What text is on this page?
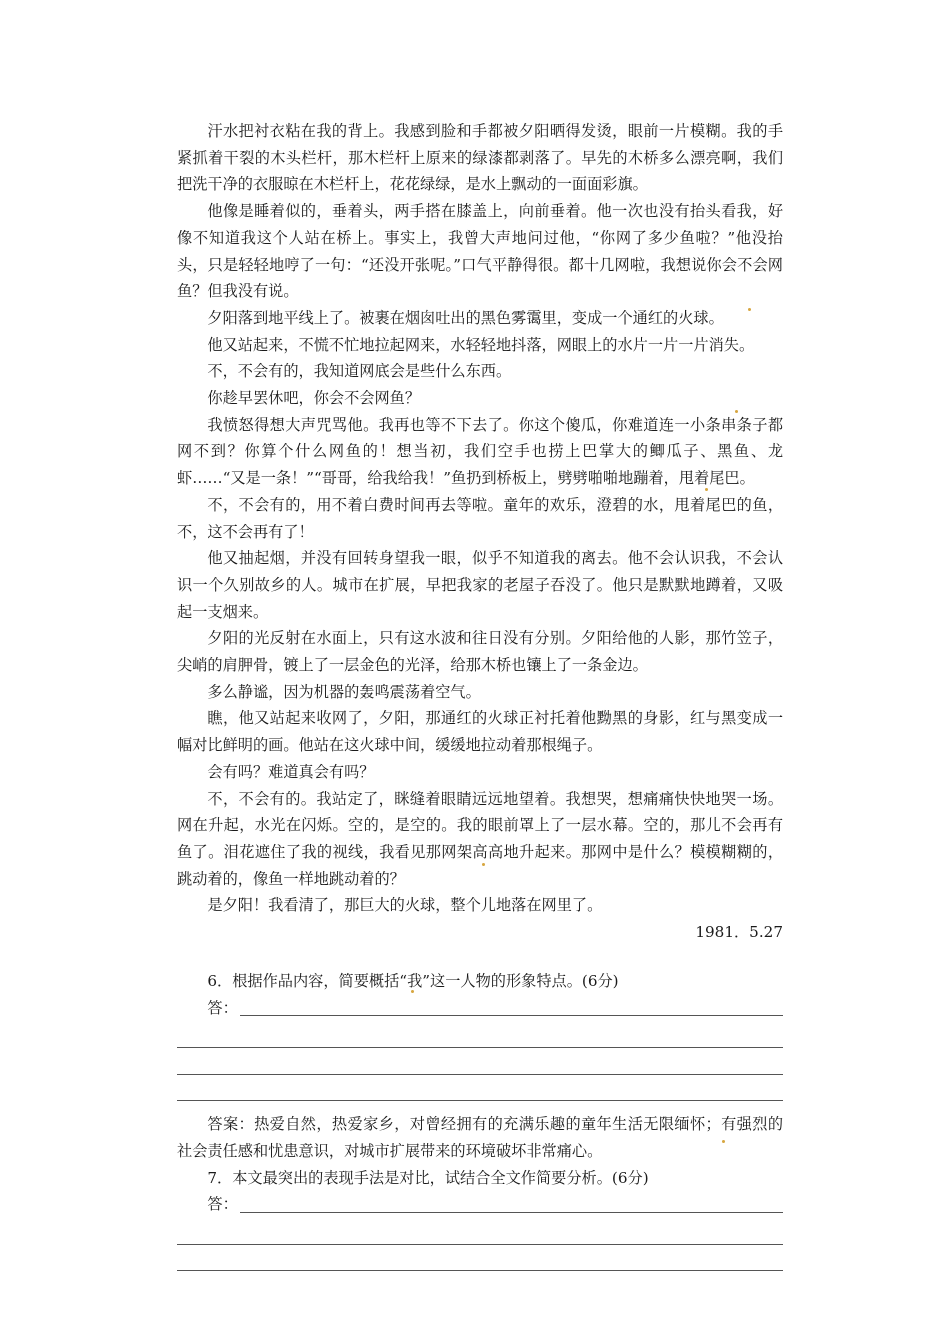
汗水把衬衣粘在我的背上。我感到脸和手都被夕阳晒得发烫，眼前一片模糊。我的手紧抓着干裂的木头栏杆，那木栏杆上原来的绿漆都剥落了。早先的木桥多么漂亮啊，我们把洗干净的衣服晾在木栏杆上，花花绿绿，是水上飘动的一面面彩旗。

他像是睡着似的，垂着头，两手搭在膝盖上，向前垂着。他一次也没有抬头看我，好像不知道我这个人站在桥上。事实上，我曾大声地问过他，“你网了多少鱼啦？”他没抬头，只是轻轻地哼了一句：“还没开张呢。”口气平静得很。都十几网啦，我想说你会不会网鱼？但我没有说。

夕阳落到地平线上了。被裹在烟囱吐出的黑色雾霭里，变成一个通红的火球。

他又站起来，不慌不忙地拉起网来，水轻轻地抖落，网眼上的水片一片一片消失。

不，不会有的，我知道网底会是些什么东西。

你趁早罢休吧，你会不会网鱼？

我愤怒得想大声咒骂他。我再也等不下去了。你这个傻瓜，你难道连一小条串条子都网不到？你算个什么网鱼的！想当初，我们空手也捞上巴掌大的鲫瓜子、黑鱼、龙虾……“又是一条！”“哥哥，给我给我！”鱼扔到桥板上，劈劈啪啪地蹦着，甩着尾巴。

不，不会有的，用不着白费时间再去等啦。童年的欢乐，澄碧的水，甩着尾巴的鱼，不，这不会再有了！

他又抽起烟，并没有回转身望我一眼，似乎不知道我的离去。他不会认识我，不会认识一个久别故乡的人。城市在扩展，早把我家的老屋子吞没了。他只是默默地蹲着，又吸起一支烟来。

夕阳的光反射在水面上，只有这水波和往日没有分别。夕阳给他的人影，那竹笠子，尖峭的肩胛骨，镀上了一层金色的光泽，给那木桥也镶上了一条金边。

多么静谧，因为机器的轰鸣震荡着空气。

瞧，他又站起来收网了，夕阳，那通红的火球正衬托着他黝黑的身影，红与黑变成一幅对比鲜明的画。他站在这火球中间，缓缓地拉动着那根绳子。

会有吗？难道真会有吗？

不，不会有的。我站定了，眯缝着眼睛远远地望着。我想哭，想痛痛快快地哭一场。网在升起，水光在闪烁。空的，是空的。我的眼前罩上了一层水幕。空的，那儿不会再有鱼了。泪花遮住了我的视线，我看见那网架高高地升起来。那网中是什么？模模糊糊的，跳动着的，像鱼一样地跳动着的？

是夕阳！我看清了，那巨大的火球，整个儿地落在网里了。

1981．5.27

6．根据作品内容，简要概括“我”这一人物的形象特点。(6分)

答：

答案：热爱自然，热爱家乡，对曾经拥有的充满乐趣的童年生活无限缅怀；有强烈的社会责任感和忧患意识，对城市扩展带来的环境破坏非常痛心。

7．本文最突出的表现手法是对比，试结合全文作简要分析。(6分)

答：
